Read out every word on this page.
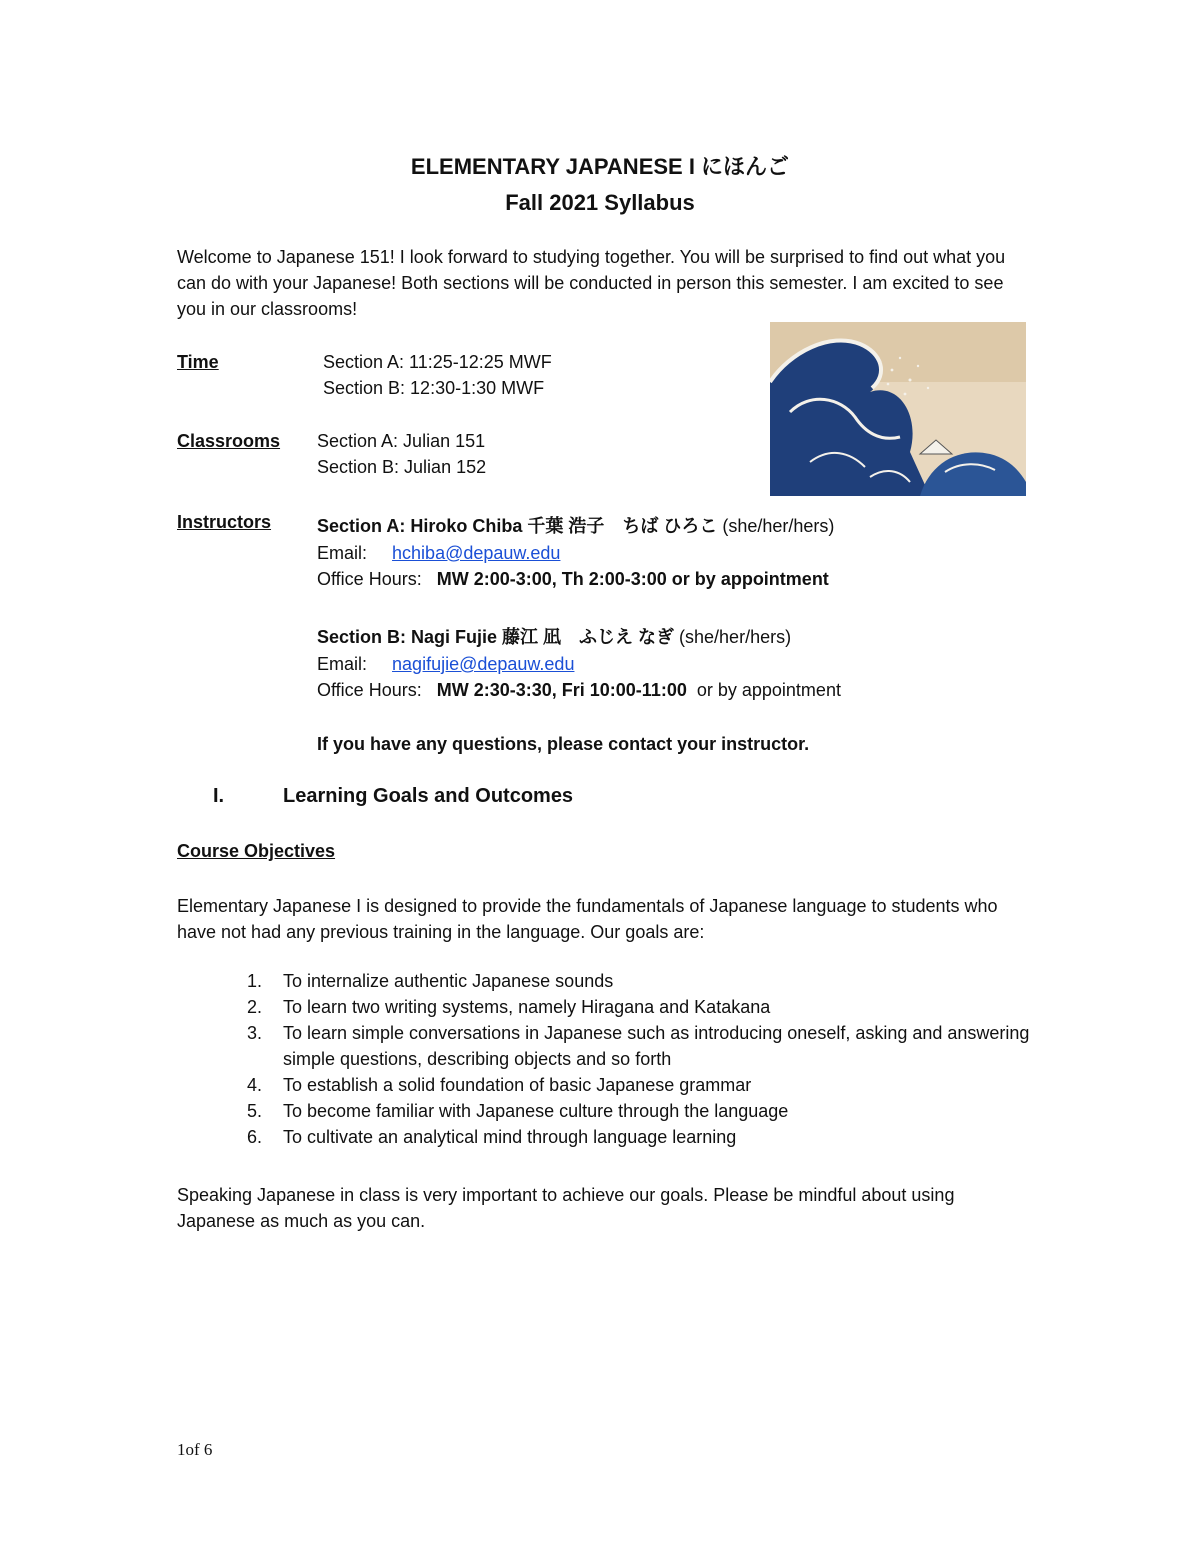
ELEMENTARY JAPANESE I にほんご
Fall 2021 Syllabus
Welcome to Japanese 151! I look forward to studying together. You will be surprised to find out what you can do with your Japanese! Both sections will be conducted in person this semester. I am excited to see you in our classrooms!
Time	Section A: 11:25-12:25 MWF
Section B: 12:30-1:30 MWF
Classrooms Section A: Julian 151
Section B: Julian 152
Instructors	Section A: Hiroko Chiba 千葉 浩子　ちば ひろこ (she/her/hers)
Email: hchiba@depauw.edu
Office Hours: MW 2:00-3:00, Th 2:00-3:00 or by appointment
Section B: Nagi Fujie 藤江 凪　ふじえ なぎ (she/her/hers)
Email: nagifujie@depauw.edu
Office Hours: MW 2:30-3:30, Fri 10:00-11:00  or by appointment
If you have any questions, please contact your instructor.
I.	Learning Goals and Outcomes
Course Objectives
Elementary Japanese I is designed to provide the fundamentals of Japanese language to students who have not had any previous training in the language. Our goals are:
1. To internalize authentic Japanese sounds
2. To learn two writing systems, namely Hiragana and Katakana
3. To learn simple conversations in Japanese such as introducing oneself, asking and answering simple questions, describing objects and so forth
4. To establish a solid foundation of basic Japanese grammar
5. To become familiar with Japanese culture through the language
6. To cultivate an analytical mind through language learning
Speaking Japanese in class is very important to achieve our goals. Please be mindful about using Japanese as much as you can.
1of 6
